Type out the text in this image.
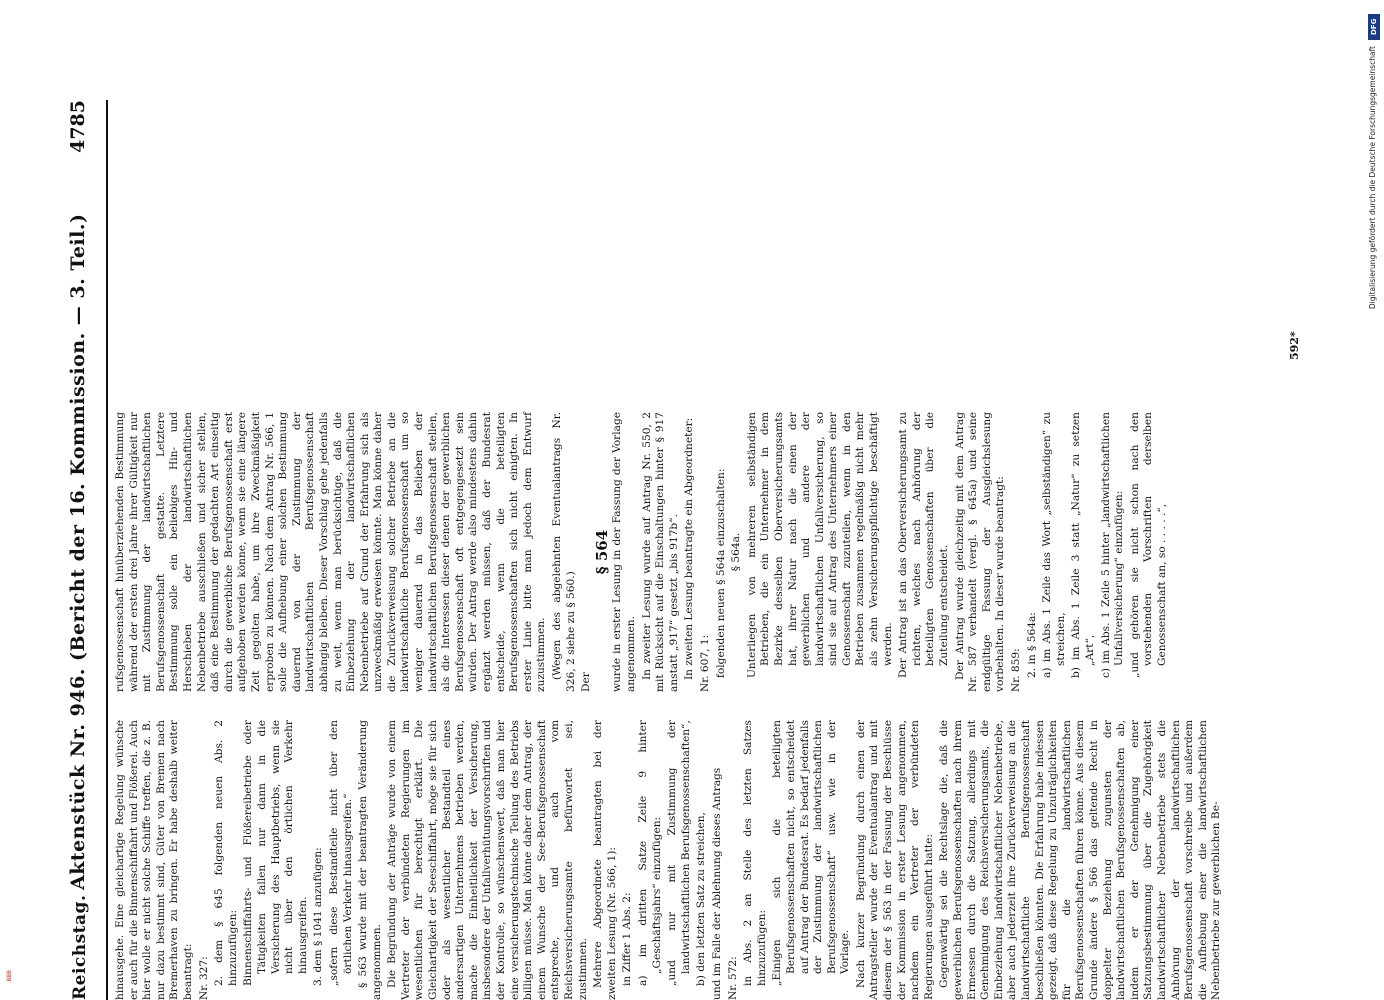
Reichstag.
Aktenstück Nr. 946. (Bericht der 16. Kommission. — 3. Teil.)
4785

hinausgehe. Eine gleichartige Regelung wünsche er auch für die Binnenschiffahrt und Flößerei. Auch hier wolle er nicht solche Schiffe treffen, die z. B. nur dazu bestimmt sind, Güter von Bremen nach Bremerhaven zu bringen. Er habe deshalb weiter beantragt: Nr. 327: 2. dem § 645 folgenden neuen Abs. 2 hinzuzufügen: Binnenschiffahrts- und Flößereibetriebe oder Tätigkeiten fallen nur dann in die Versicherung des Hauptbetriebs, wenn sie nicht über den örtlichen Verkehr hinausgreifen. 3. dem § 1041 anzufügen: „sofern diese Bestandteile nicht über den örtlichen Verkehr hinausgreifen.“ § 563 wurde mit der beantragten Veränderung angenommen. Die Begründung der Anträge wurde von einem Vertreter der verbündeten Regierungen im wesentlichen für berechtigt erklärt. Die Gleichartigkeit der Seeschiffahrt, möge sie für sich oder als wesentlicher Bestandteil eines andersartigen Unternehmens betrieben werden, mache die Einheitlichkeit der Versicherung, insbesondere der Unfallverhütungsvorschriften und der Kontrolle, so wünschenswert, daß man hier eine versicherungstechnische Teilung des Betriebs billigen müsse. Man könne daher dem Antrag, der einem Wunsche der See-Berufsgenossenschaft entspreche, und auch vom Reichsversicherungsamte befürwortet sei, zustimmen. Mehrere Abgeordnete beantragten bei der zweiten Lesung (Nr. 566, 1): in Ziffer 1 Abs. 2: a) im dritten Satze Zeile 9 hinter „Geschäftsjahrs“ einzufügen: „und nur mit Zustimmung der landwirtschaftlichen Berufsgenossenschaften“, b) den letzten Satz zu streichen, und im Falle der Ablehnung dieses Antrags Nr. 572: in Abs. 2 an Stelle des letzten Satzes hinzuzufügen: „Einigen sich die beteiligten Berufsgenossenschaften nicht, so entscheidet auf Antrag der Bundesrat. Es bedarf jedenfalls der Zustimmung der landwirtschaftlichen Berufsgenossenschaft“ usw. wie in der Vorlage. Nach kurzer Begründung durch einen der Antragsteller wurde der Eventualantrag und mit diesem der § 563 in der Fassung der Beschlüsse der Kommission in erster Lesung angenommen, nachdem ein Vertreter der verbündeten Regierungen ausgeführt hatte: Gegenwärtig sei die Rechtslage die, daß die gewerblichen Berufsgenossenschaften nach ihrem Ermessen durch die Satzung, allerdings mit Genehmigung des Reichsversicherungsamts, die Einbeziehung landwirtschaftlicher Nebenbetriebe, aber auch jederzeit ihre Zurückverweisung an die landwirtschaftliche Berufsgenossenschaft beschließen könnten. Die Erfahrung habe indessen gezeigt, daß diese Regelung zu Unzuträglichkeiten für die landwirtschaftlichen Berufsgenossenschaften führen könne. Aus diesem Grunde ändere § 566 das geltende Recht in doppelter Beziehung zugunsten der landwirtschaftlichen Berufsgenossenschaften ab, indem er der Genehmigung einer Satzungsbestimmung über die Zugehörigkeit landwirtschaftlicher Nebenbetriebe stets die Anhörung der landwirtschaftlichen Berufsgenossenschaft vorschreibe und außerdem die Aufhebung einer die landwirtschaftlichen Nebenbetriebe zur gewerblichen Be-

rufsgenossenschaft hinüberziehenden Bestimmung während der ersten drei Jahre ihrer Gültigkeit nur mit Zustimmung der landwirtschaftlichen Berufsgenossenschaft gestatte. Letztere Bestimmung solle ein beliebiges Hin- und Herschieben der landwirtschaftlichen Nebenbetriebe ausschließen und sicher stellen, daß eine Bestimmung der gedachten Art einseitig durch die gewerbliche Berufsgenossenschaft erst aufgehoben werden könne, wenn sie eine längere Zeit gegolten habe, um ihre Zweckmäßigkeit erproben zu können. Nach dem Antrag Nr. 566, 1 solle die Aufhebung einer solchen Bestimmung dauernd von der Zustimmung der landwirtschaftlichen Berufsgenossenschaft abhängig bleiben. Dieser Vorschlag gehe jedenfalls zu weit, wenn man berücksichtige, daß die Einbeziehung der landwirtschaftlichen Nebenbetriebe auf Grund der Erfahrung sich als unzweckmäßig erweisen könnte. Man könne daher die Zurückverweisung solcher Betriebe an die landwirtschaftliche Berufsgenossenschaft um so weniger dauernd in das Belieben der landwirtschaftlichen Berufsgenossenschaft stellen, als die Interessen dieser denen der gewerblichen Berufsgenossenschaft oft entgegengesetzt sein würden. Der Antrag werde also mindestens dahin ergänzt werden müssen, daß der Bundesrat entscheide, wenn die beteiligten Berufsgenossenschaften sich nicht einigten. In erster Linie bitte man jedoch dem Entwurf zuzustimmen. (Wegen des abgelehnten Eventualantrags Nr. 326, 2 siehe zu § 560.) Der

§ 564 wurde in erster Lesung in der Fassung der Vorlage angenommen. In zweiter Lesung wurde auf Antrag Nr. 550, 2 mit Rücksicht auf die Einschaltungen hinter § 917 anstatt „917“ gesetzt „bis 917b“. In zweiten Lesung beantragte ein Abgeordneter: Nr. 607, 1: folgenden neuen § 564a einzuschalten: § 564a. Unterliegen von mehreren selbständigen Betrieben, die ein Unternehmer in dem Bezirke desselben Oberversicherungsamts hat, ihrer Natur nach die einen der gewerblichen und andere der landwirtschaftlichen Unfallversicherung, so sind sie auf Antrag des Unternehmers einer Genossenschaft zuzuteilen, wenn in den Betrieben zusammen regelmäßig nicht mehr als zehn Versicherungspflichtige beschäftigt werden. Der Antrag ist an das Oberversicherungsamt zu richten, welches nach Anhörung der beteiligten Genossenschaften über die Zuteilung entscheidet. Der Antrag wurde gleichzeitig mit dem Antrag Nr. 587 verhandelt (vergl. § 645a) und seine endgültige Fassung der Ausgleichslesung vorbehalten. In dieser wurde beantragt: Nr. 859: 2. in § 564a: a) im Abs. 1 Zeile das Wort „selbständigen“ zu streichen, b) im Abs. 1 Zeile 3 statt „Natur“ zu setzen „Art“, c) im Abs. 1 Zeile 5 hinter „landwirtschaftlichen Unfallversicherung“ einzufügen: „und gehören sie nicht schon nach den vorstehenden Vorschriften derselben Genossenschaft an, so . . . . .“,

592*
DFG
Digitalisierung gefördert durch die Deutsche Forschungsgemeinschaft
888
